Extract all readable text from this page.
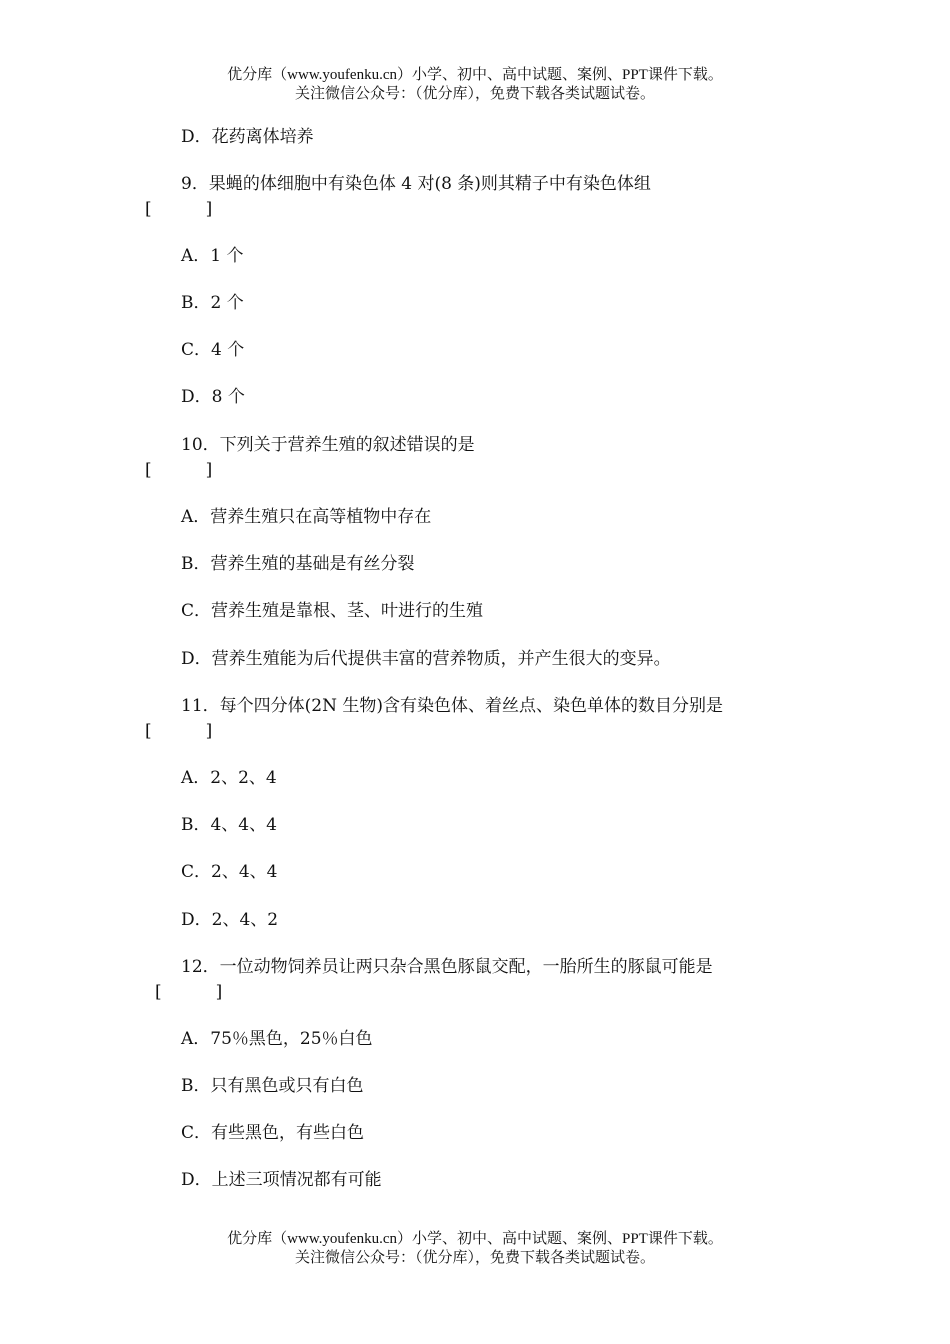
优分库（www.youfenku.cn）小学、初中、高中试题、案例、PPT课件下载。
关注微信公众号：（优分库），免费下载各类试题试卷。
D．花药离体培养
9．果蝇的体细胞中有染色体 4 对(8 条)则其精子中有染色体组
[          ]
A．1 个
B．2 个
C．4 个
D．8 个
10．下列关于营养生殖的叙述错误的是
[          ]
A．营养生殖只在高等植物中存在
B．营养生殖的基础是有丝分裂
C．营养生殖是靠根、茎、叶进行的生殖
D．营养生殖能为后代提供丰富的营养物质，并产生很大的变异。
11．每个四分体(2N 生物)含有染色体、着丝点、染色单体的数目分别是
[          ]
A．2、2、4
B．4、4、4
C．2、4、4
D．2、4、2
12．一位动物饲养员让两只杂合黑色豚鼠交配，一胎所生的豚鼠可能是
[          ]
A．75％黑色，25％白色
B．只有黑色或只有白色
C．有些黑色，有些白色
D．上述三项情况都有可能
优分库（www.youfenku.cn）小学、初中、高中试题、案例、PPT课件下载。
关注微信公众号：（优分库），免费下载各类试题试卷。
